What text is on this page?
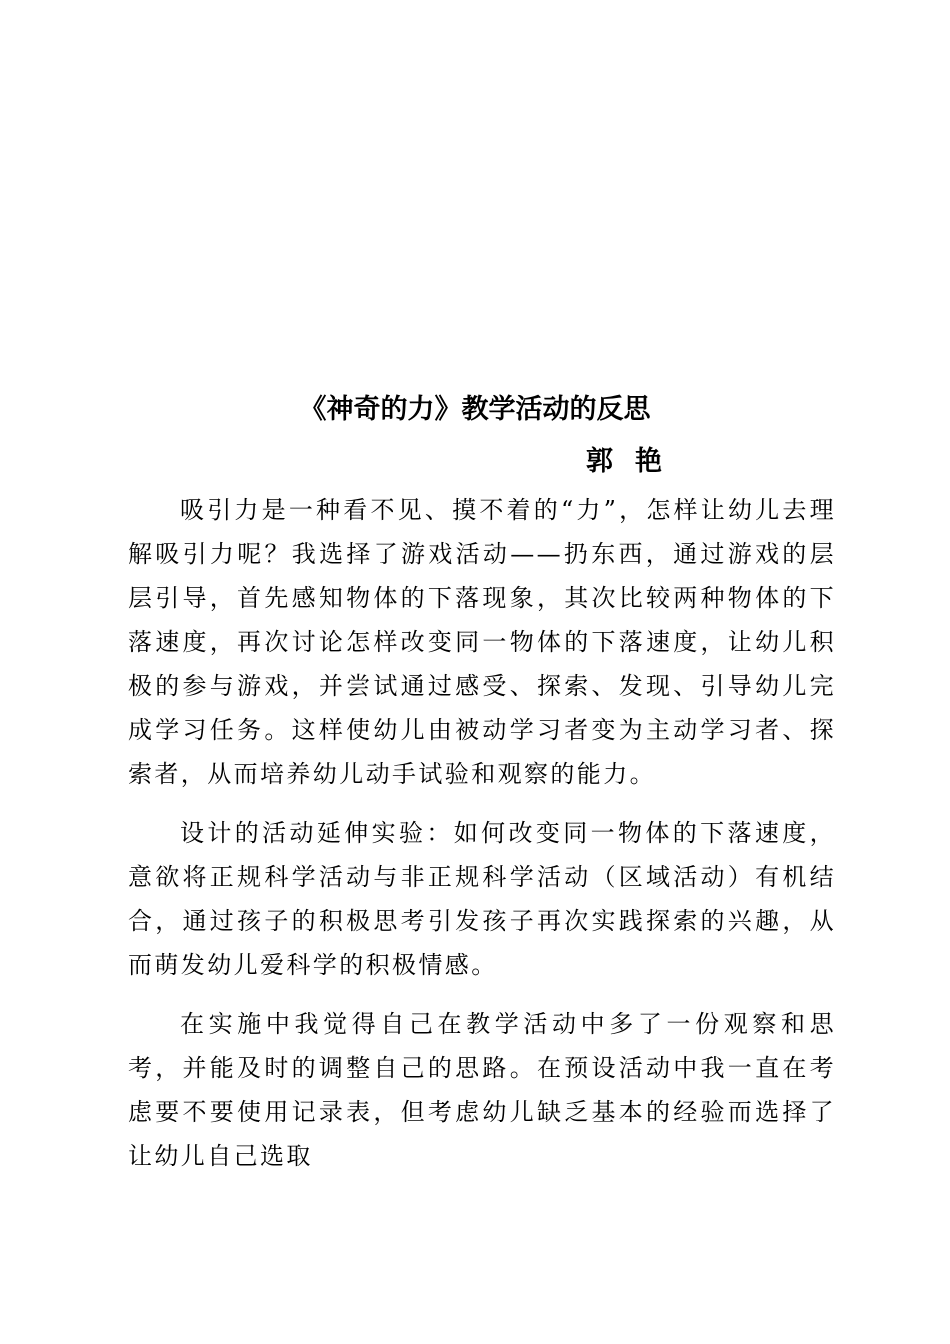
《神奇的力》教学活动的反思
郭艳

吸引力是一种看不见、摸不着的“力”，怎样让幼儿去理解吸引力呢？我选择了游戏活动——扔东西，通过游戏的层层引导，首先感知物体的下落现象，其次比较两种物体的下落速度，再次讨论怎样改变同一物体的下落速度，让幼儿积极的参与游戏，并尝试通过感受、探索、发现、引导幼儿完成学习任务。这样使幼儿由被动学习者变为主动学习者、探索者，从而培养幼儿动手试验和观察的能力。

设计的活动延伸实验：如何改变同一物体的下落速度，意欲将正规科学活动与非正规科学活动（区域活动）有机结合，通过孩子的积极思考引发孩子再次实践探索的兴趣，从而萌发幼儿爱科学的积极情感。

在实施中我觉得自己在教学活动中多了一份观察和思考，并能及时的调整自己的思路。在预设活动中我一直在考虑要不要使用记录表，但考虑幼儿缺乏基本的经验而选择了让幼儿自己选取
